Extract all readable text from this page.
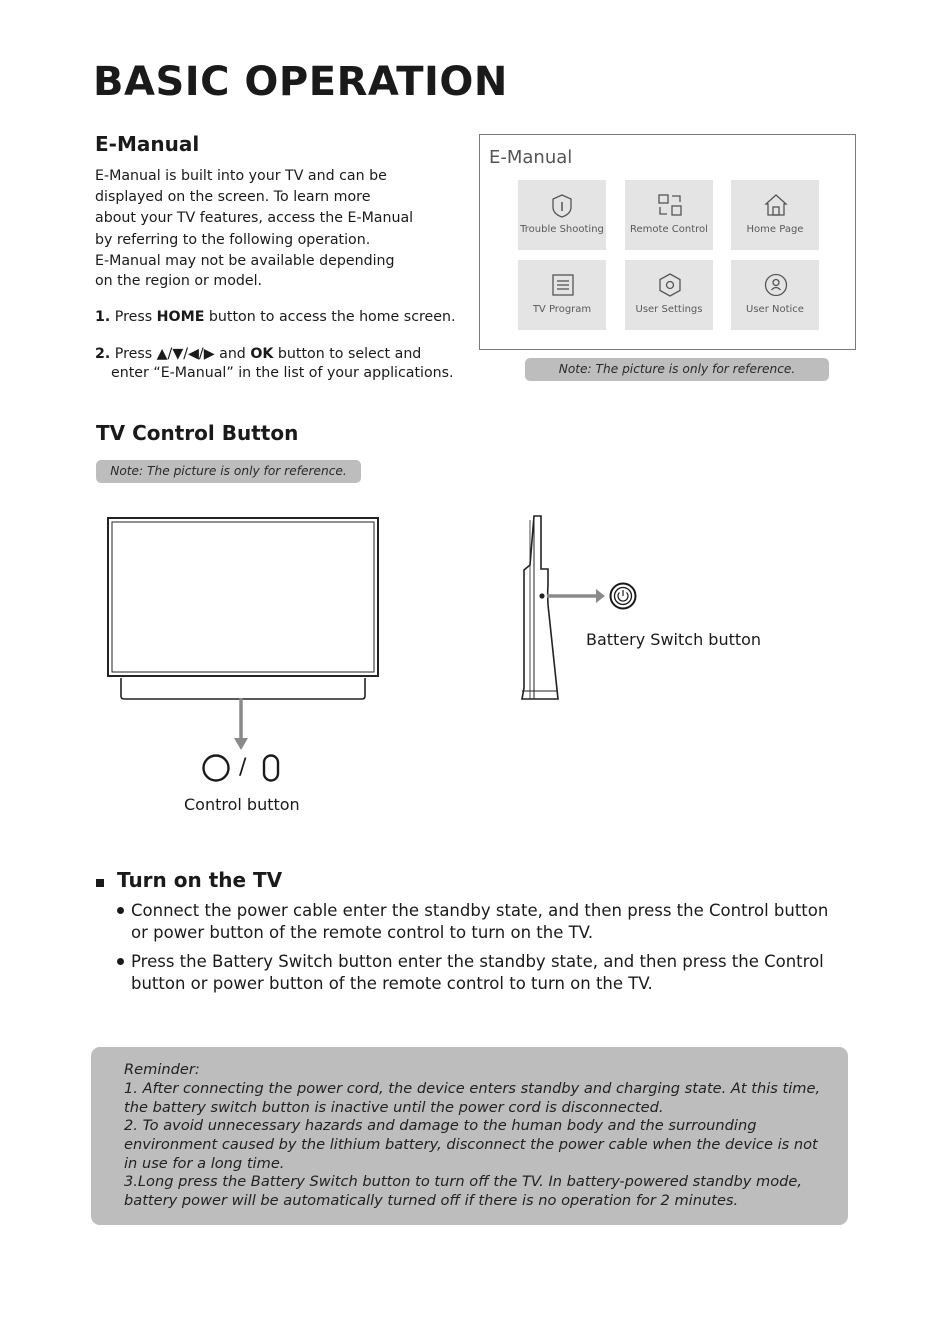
BASIC OPERATION
E-Manual

E-Manual is built into your TV and can be

displayed on the screen. To learn more

about your TV features, access the E-Manual

by referring to the following operation.

E-Manual may not be available depending

on the region or model.

1. Press HOME button to access the home screen.

2. Press ▲/▼/◀/▶ and OK button to select and

enter “E-Manual” in the list of your applications.

E-Manual
Trouble Shooting	Remote Control	Home Page
TV Program	User Settings	User Notice
Note: The picture is only for reference.
TV Control Button
Note: The picture is only for reference.
/
Control button
Battery Switch button
Turn on the TV

Connect the power cable enter the standby state, and then press the Control button

or power button of the remote control to turn on the TV.

Press the Battery Switch button enter the standby state, and then press the Control

button or power button of the remote control to turn on the TV.

Reminder:
1. After connecting the power cord, the device enters standby and charging state. At this time,
the battery switch button is inactive until the power cord is disconnected.
2. To avoid unnecessary hazards and damage to the human body and the surrounding
environment caused by the lithium battery, disconnect the power cable when the device is not
in use for a long time.
3.Long press the Battery Switch button to turn off the TV. In battery-powered standby mode,
battery power will be automatically turned off if there is no operation for 2 minutes.
